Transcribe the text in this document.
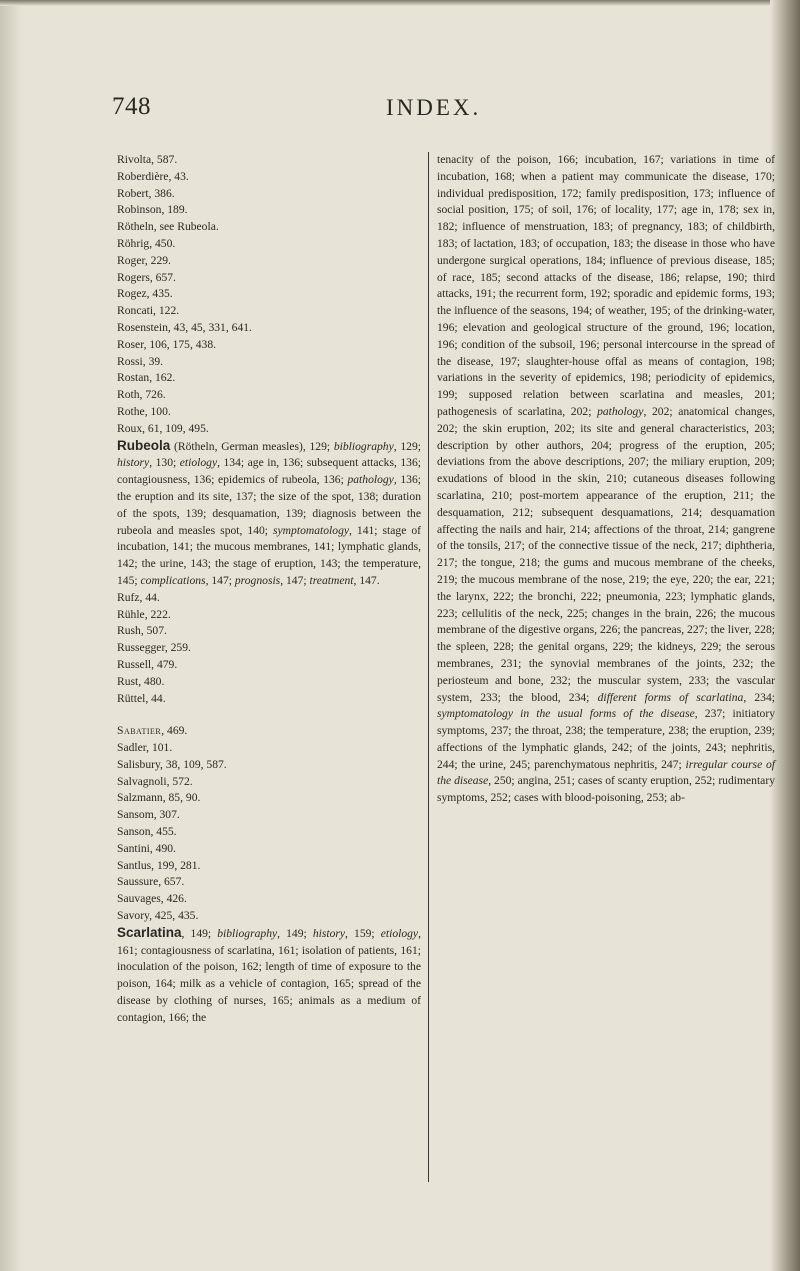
748	INDEX.

Rivolta, 587.

Roberdière, 43.

Robert, 386.

Robinson, 189.

Rötheln, see Rubeola.

Röhrig, 450.

Roger, 229.

Rogers, 657.

Rogez, 435.

Roncati, 122.

Rosenstein, 43, 45, 331, 641.

Roser, 106, 175, 438.

Rossi, 39.

Rostan, 162.

Roth, 726.

Rothe, 100.

Roux, 61, 109, 495.

Rubeola (Rötheln, German measles), 129; bibliography, 129; history, 130; etiology, 134; age in, 136; subsequent attacks, 136; contagiousness, 136; epidemics of rubeola, 136; pathology, 136; the eruption and its site, 137; the size of the spot, 138; duration of the spots, 139; desquamation, 139; diagnosis between the rubeola and measles spot, 140; symptomatology, 141; stage of incubation, 141; the mucous membranes, 141; lymphatic glands, 142; the urine, 143; the stage of eruption, 143; the temperature, 145; complications, 147; prognosis, 147; treatment, 147.

Rufz, 44.

Rühle, 222.

Rush, 507.

Russegger, 259.

Russell, 479.

Rust, 480.

Rüttel, 44.

Sabatier, 469.

Sadler, 101.

Salisbury, 38, 109, 587.

Salvagnoli, 572.

Salzmann, 85, 90.

Sansom, 307.

Sanson, 455.

Santini, 490.

Santlus, 199, 281.

Saussure, 657.

Sauvages, 426.

Savory, 425, 435.

Scarlatina, 149; bibliography, 149; history, 159; etiology, 161; contagiousness of scarlatina, 161; isolation of patients, 161; inoculation of the poison, 162; length of time of exposure to the poison, 164; milk as a vehicle of contagion, 165; spread of the disease by clothing of nurses, 165; animals as a medium of contagion, 166; the

tenacity of the poison, 166; incubation, 167; variations in time of incubation, 168; when a patient may communicate the disease, 170; individual predisposition, 172; family predisposition, 173; influence of social position, 175; of soil, 176; of locality, 177; age in, 178; sex in, 182; influence of menstruation, 183; of pregnancy, 183; of childbirth, 183; of lactation, 183; of occupation, 183; the disease in those who have undergone surgical operations, 184; influence of previous disease, 185; of race, 185; second attacks of the disease, 186; relapse, 190; third attacks, 191; the recurrent form, 192; sporadic and epidemic forms, 193; the influence of the seasons, 194; of weather, 195; of the drinking-water, 196; elevation and geological structure of the ground, 196; location, 196; condition of the subsoil, 196; personal intercourse in the spread of the disease, 197; slaughter-house offal as means of contagion, 198; variations in the severity of epidemics, 198; periodicity of epidemics, 199; supposed relation between scarlatina and measles, 201; pathogenesis of scarlatina, 202; pathology, 202; anatomical changes, 202; the skin eruption, 202; its site and general characteristics, 203; description by other authors, 204; progress of the eruption, 205; deviations from the above descriptions, 207; the miliary eruption, 209; exudations of blood in the skin, 210; cutaneous diseases following scarlatina, 210; post-mortem appearance of the eruption, 211; the desquamation, 212; subsequent desquamations, 214; desquamation affecting the nails and hair, 214; affections of the throat, 214; gangrene of the tonsils, 217; of the connective tissue of the neck, 217; diphtheria, 217; the tongue, 218; the gums and mucous membrane of the cheeks, 219; the mucous membrane of the nose, 219; the eye, 220; the ear, 221; the larynx, 222; the bronchi, 222; pneumonia, 223; lymphatic glands, 223; cellulitis of the neck, 225; changes in the brain, 226; the mucous membrane of the digestive organs, 226; the pancreas, 227; the liver, 228; the spleen, 228; the genital organs, 229; the kidneys, 229; the serous membranes, 231; the synovial membranes of the joints, 232; the periosteum and bone, 232; the muscular system, 233; the vascular system, 233; the blood, 234; different forms of scarlatina, 234; symptomatology in the usual forms of the disease, 237; initiatory symptoms, 237; the throat, 238; the temperature, 238; the eruption, 239; affections of the lymphatic glands, 242; of the joints, 243; nephritis, 244; the urine, 245; parenchymatous nephritis, 247; irregular course of the disease, 250; angina, 251; cases of scanty eruption, 252; rudimentary symptoms, 252; cases with blood-poisoning, 253; ab-
